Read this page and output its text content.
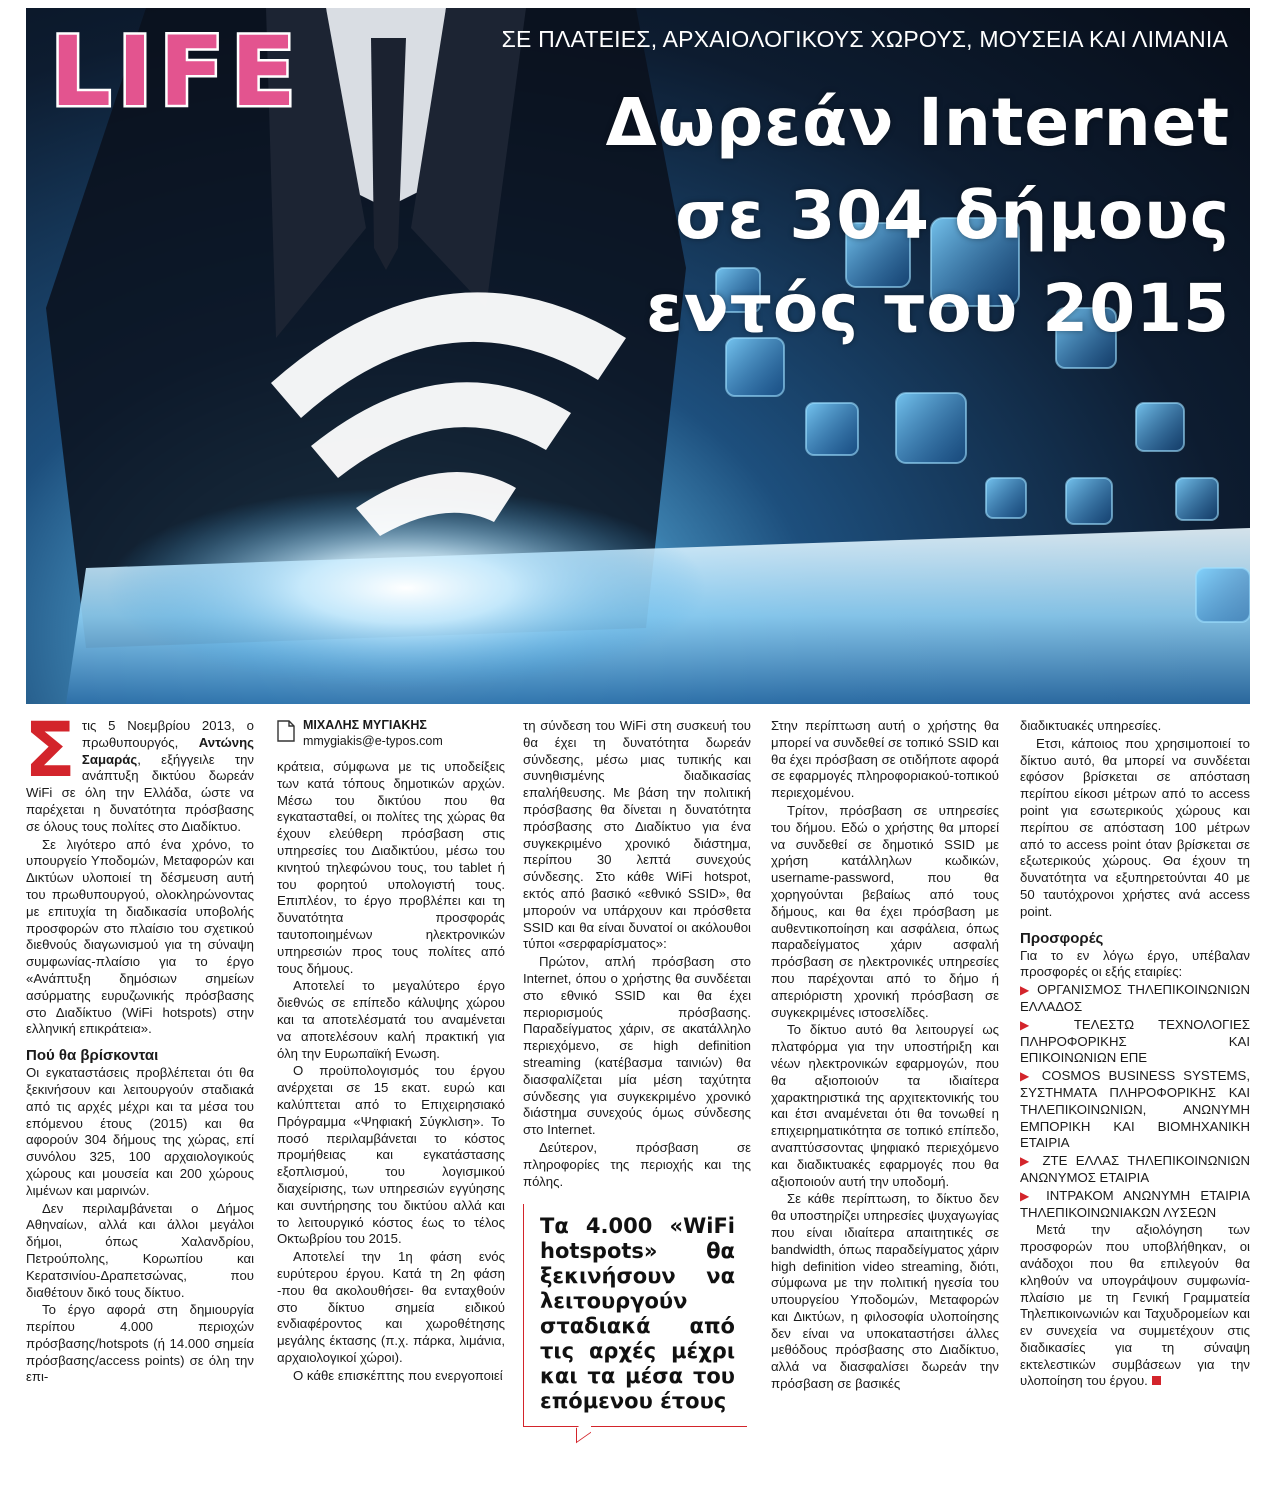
LIFE	ΣΕ ΠΛΑΤΕΙΕΣ, ΑΡΧΑΙΟΛΟΓΙΚΟΥΣ ΧΩΡΟΥΣ, ΜΟΥΣΕΙΑ ΚΑΙ ΛΙΜΑΝΙΑ
Δωρεάν Internet
σε 304 δήμους
εντός του 2015

Στις 5 Νοεμβρίου 2013, ο πρωθυπουργός, Αντώνης Σαμαράς, εξήγγειλε την ανάπτυξη δικτύου δωρεάν WiFi σε όλη την Ελλάδα, ώστε να παρέχεται η δυνατότητα πρόσβασης σε όλους τους πολίτες στο Διαδίκτυο.

Σε λιγότερο από ένα χρόνο, το υπουργείο Υποδομών, Μεταφορών και Δικτύων υλοποιεί τη δέσμευση αυτή του πρωθυπουργού, ολοκληρώνοντας με επιτυχία τη διαδικασία υποβολής προσφορών στο πλαίσιο του σχετικού διεθνούς διαγωνισμού για τη σύναψη συμφωνίας-πλαίσιο για το έργο «Ανάπτυξη δημόσιων σημείων ασύρματης ευρυζωνικής πρόσβασης στο Διαδίκτυο (WiFi hotspots) στην ελληνική επικράτεια».

Πού θα βρίσκονται

Οι εγκαταστάσεις προβλέπεται ότι θα ξεκινήσουν και λειτουργούν σταδιακά από τις αρχές μέχρι και τα μέσα του επόμενου έτους (2015) και θα αφορούν 304 δήμους της χώρας, επί συνόλου 325, 100 αρχαιολογικούς χώρους και μουσεία και 200 χώρους λιμένων και μαρινών.

Δεν περιλαμβάνεται ο Δήμος Αθηναίων, αλλά και άλλοι μεγάλοι δήμοι, όπως Χαλανδρίου, Πετρούπολης, Κορωπίου και Κερατσινίου-Δραπετσώνας, που διαθέτουν δικό τους δίκτυο.

Το έργο αφορά στη δημιουργία περίπου 4.000 περιοχών πρόσβασης/hotspots (ή 14.000 σημεία πρόσβασης/access points) σε όλη την επι-

ΜΙΧΑΛΗΣ ΜΥΓΙΑΚΗΣ
mmygiakis@e-typos.com

κράτεια, σύμφωνα με τις υποδείξεις των κατά τόπους δημοτικών αρχών. Μέσω του δικτύου που θα εγκατασταθεί, οι πολίτες της χώρας θα έχουν ελεύθερη πρόσβαση στις υπηρεσίες του Διαδικτύου, μέσω του κινητού τηλεφώνου τους, του tablet ή του φορητού υπολογιστή τους. Επιπλέον, το έργο προβλέπει και τη δυνατότητα προσφοράς ταυτοποιημένων ηλεκτρονικών υπηρεσιών προς τους πολίτες από τους δήμους.

Αποτελεί το μεγαλύτερο έργο διεθνώς σε επίπεδο κάλυψης χώρου και τα αποτελέσματά του αναμένεται να αποτελέσουν καλή πρακτική για όλη την Ευρωπαϊκή Ενωση.

Ο προϋπολογισμός του έργου ανέρχεται σε 15 εκατ. ευρώ και καλύπτεται από το Επιχειρησιακό Πρόγραμμα «Ψηφιακή Σύγκλιση». Το ποσό περιλαμβάνεται το κόστος προμήθειας και εγκατάστασης εξοπλισμού, του λογισμικού διαχείρισης, των υπηρεσιών εγγύησης και συντήρησης του δικτύου αλλά και το λειτουργικό κόστος έως το τέλος Οκτωβρίου του 2015.

Αποτελεί την 1η φάση ενός ευρύτερου έργου. Κατά τη 2η φάση -που θα ακολουθήσει- θα ενταχθούν στο δίκτυο σημεία ειδικού ενδιαφέροντος και χωροθέτησης μεγάλης έκτασης (π.χ. πάρκα, λιμάνια, αρχαιολογικοί χώροι).

Ο κάθε επισκέπτης που ενεργοποιεί

τη σύνδεση του WiFi στη συσκευή του θα έχει τη δυνατότητα δωρεάν σύνδεσης, μέσω μιας τυπικής και συνηθισμένης διαδικασίας επαλήθευσης. Με βάση την πολιτική πρόσβασης θα δίνεται η δυνατότητα πρόσβασης στο Διαδίκτυο για ένα συγκεκριμένο χρονικό διάστημα, περίπου 30 λεπτά συνεχούς σύνδεσης. Στο κάθε WiFi hotspot, εκτός από βασικό «εθνικό SSID», θα μπορούν να υπάρχουν και πρόσθετα SSID και θα είναι δυνατοί οι ακόλουθοι τύποι «σερφαρίσματος»:

Πρώτον, απλή πρόσβαση στο Internet, όπου ο χρήστης θα συνδέεται στο εθνικό SSID και θα έχει περιορισμούς πρόσβασης. Παραδείγματος χάριν, σε ακατάλληλο περιεχόμενο, σε high definition streaming (κατέβασμα ταινιών) θα διασφαλίζεται μία μέση ταχύτητα σύνδεσης για συγκεκριμένο χρονικό διάστημα συνεχούς όμως σύνδεσης στο Internet.

Δεύτερον, πρόσβαση σε πληροφορίες της περιοχής και της πόλης.

Τα 4.000 «WiFi hotspots» θα ξεκινήσουν να λειτουργούν σταδιακά από τις αρχές μέχρι και τα μέσα του επόμενου έτους

Στην περίπτωση αυτή ο χρήστης θα μπορεί να συνδεθεί σε τοπικό SSID και θα έχει πρόσβαση σε οτιδήποτε αφορά σε εφαρμογές πληροφοριακού-τοπικού περιεχομένου.

Τρίτον, πρόσβαση σε υπηρεσίες του δήμου. Εδώ ο χρήστης θα μπορεί να συνδεθεί σε δημοτικό SSID με χρήση κατάλληλων κωδικών, username-password, που θα χορηγούνται βεβαίως από τους δήμους, και θα έχει πρόσβαση με αυθεντικοποίηση και ασφάλεια, όπως παραδείγματος χάριν ασφαλή πρόσβαση σε ηλεκτρονικές υπηρεσίες που παρέχονται από το δήμο ή απεριόριστη χρονική πρόσβαση σε συγκεκριμένες ιστοσελίδες.

Το δίκτυο αυτό θα λειτουργεί ως πλατφόρμα για την υποστήριξη και νέων ηλεκτρονικών εφαρμογών, που θα αξιοποιούν τα ιδιαίτερα χαρακτηριστικά της αρχιτεκτονικής του και έτσι αναμένεται ότι θα τονωθεί η επιχειρηματικότητα σε τοπικό επίπεδο, αναπτύσσοντας ψηφιακό περιεχόμενο και διαδικτυακές εφαρμογές που θα αξιοποιούν αυτή την υποδομή.

Σε κάθε περίπτωση, το δίκτυο δεν θα υποστηρίζει υπηρεσίες ψυχαγωγίας που είναι ιδιαίτερα απαιτητικές σε bandwidth, όπως παραδείγματος χάριν high definition video streaming, διότι, σύμφωνα με την πολιτική ηγεσία του υπουργείου Υποδομών, Μεταφορών και Δικτύων, η φιλοσοφία υλοποίησης δεν είναι να υποκαταστήσει άλλες μεθόδους πρόσβασης στο Διαδίκτυο, αλλά να διασφαλίσει δωρεάν την πρόσβαση σε βασικές

διαδικτυακές υπηρεσίες.

Ετσι, κάποιος που χρησιμοποιεί το δίκτυο αυτό, θα μπορεί να συνδέεται εφόσον βρίσκεται σε απόσταση περίπου είκοσι μέτρων από το access point για εσωτερικούς χώρους και περίπου σε απόσταση 100 μέτρων από το access point όταν βρίσκεται σε εξωτερικούς χώρους. Θα έχουν τη δυνατότητα να εξυπηρετούνται 40 με 50 ταυτόχρονοι χρήστες ανά access point.

Προσφορές

Για το εν λόγω έργο, υπέβαλαν προσφορές οι εξής εταιρίες:

▶ ΟΡΓΑΝΙΣΜΟΣ ΤΗΛΕΠΙΚΟΙΝΩΝΙΩΝ ΕΛΛΑΔΟΣ

▶ ΤΕΛΕΣΤΩ ΤΕΧΝΟΛΟΓΙΕΣ ΠΛΗΡΟΦΟΡΙΚΗΣ ΚΑΙ ΕΠΙΚΟΙΝΩΝΙΩΝ ΕΠΕ

▶ COSMOS BUSINESS SYSTEMS, ΣΥΣΤΗΜΑΤΑ ΠΛΗΡΟΦΟΡΙΚΗΣ ΚΑΙ ΤΗΛΕΠΙΚΟΙΝΩΝΙΩΝ, ΑΝΩΝΥΜΗ ΕΜΠΟΡΙΚΗ ΚΑΙ ΒΙΟΜΗΧΑΝΙΚΗ ΕΤΑΙΡΙΑ

▶ ΖΤΕ ΕΛΛΑΣ ΤΗΛΕΠΙΚΟΙΝΩΝΙΩΝ ΑΝΩΝΥΜΟΣ ΕΤΑΙΡΙΑ

▶ ΙΝΤΡΑΚΟΜ ΑΝΩΝΥΜΗ ΕΤΑΙΡΙΑ ΤΗΛΕΠΙΚΟΙΝΩΝΙΑΚΩΝ ΛΥΣΕΩΝ

Μετά την αξιολόγηση των προσφορών που υποβλήθηκαν, οι ανάδοχοι που θα επιλεγούν θα κληθούν να υπογράψουν συμφωνία-πλαίσιο με τη Γενική Γραμματεία Τηλεπικοινωνιών και Ταχυδρομείων και εν συνεχεία να συμμετέχουν στις διαδικασίες για τη σύναψη εκτελεστικών συμβάσεων για την υλοποίηση του έργου.
